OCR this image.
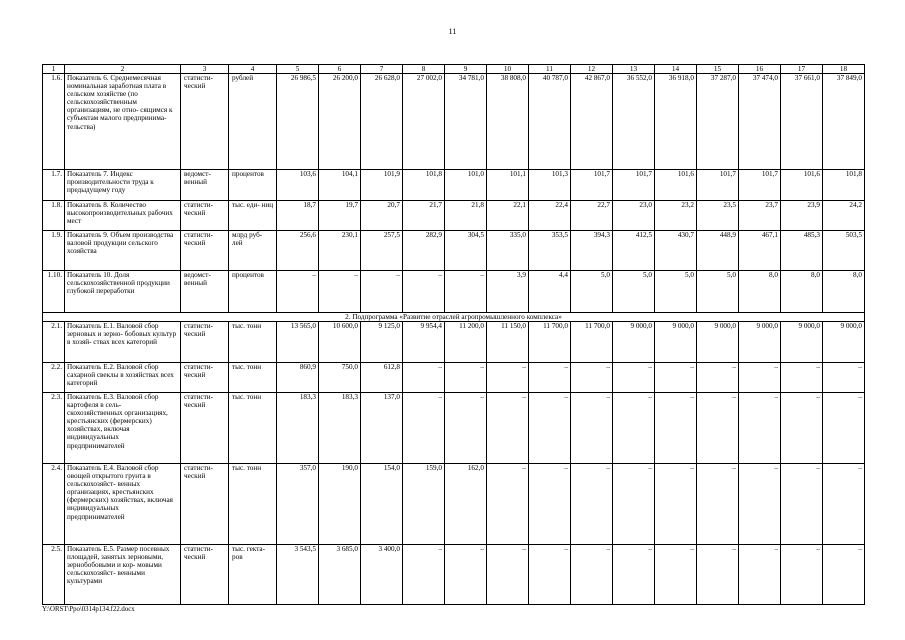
11
1	2	3	4	5	6	7	8	9	10	11	12	13	14	15	16	17	18
1.6.	Показатель 6. Среднемесячная номинальная заработная плата в сельском хозяйстве (по сельскохозяйственным организациям, не отно- сящимся к субъектам малого предпринима- тельства)	статисти- ческий	рублей	26 986,5	26 200,0	26 628,0	27 002,0	34 781,0	38 808,0	40 787,0	42 867,0	36 552,0	36 918,0	37 287,0	37 474,0	37 661,0	37 849,0
1.7.	Показатель 7. Индекс производительности труда к предыдущему году	ведомст- венный	процентов	103,6	104,1	101,9	101,8	101,0	101,1	101,3	101,7	101,7	101,6	101,7	101,7	101,6	101,8
1.8.	Показатель 8. Количество высокопроизводительных рабочих мест	статисти- ческий	тыс. еди- ниц	18,7	19,7	20,7	21,7	21,8	22,1	22,4	22,7	23,0	23,2	23,5	23,7	23,9	24,2
1.9.	Показатель 9. Объем производства валовой продукции сельского хозяйства	статисти- ческий	млрд руб- лей	256,6	230,1	257,5	282,9	304,5	335,0	353,5	394,3	412,5	430,7	448,9	467,1	485,3	503,5
1.10.	Показатель 10. Доля сельскохозяйственной продукции глубокой переработки	ведомст- венный	процентов	–	–	–	–	–	3,9	4,4	5,0	5,0	5,0	5,0	8,0	8,0	8,0
2. Подпрограмма «Развитие отраслей агропромышленного комплекса»																	
2.1.	Показатель Е.1. Валовой сбор зерновых и зерно- бобовых культур в хозяй- ствах всех категорий	статисти- ческий	тыс. тонн	13 565,0	10 600,0	9 125,0	9 954,4	11 200,0	11 150,0	11 700,0	11 700,0	9 000,0	9 000,0	9 000,0	9 000,0	9 000,0	9 000,0
2.2.	Показатель Е.2. Валовой сбор сахарной свеклы в хозяйствах всех категорий	статисти- ческий	тыс. тонн	860,9	750,0	612,8	–	–	–	–	–	–	–	–	–	–	–
2.3.	Показатель Е.3. Валовой сбор картофеля в сель- скохозяйственных организациях, крестьянских (фермерских) хозяйствах, включая индивидуальных предпринимателей	статисти- ческий	тыс. тонн	183,3	183,3	137,0	–	–	–	–	–	–	–	–	–	–	–
2.4.	Показатель Е.4. Валовой сбор овощей открытого грунта в сельскохозяйст- венных организациях, крестьянских (фермерских) хозяйствах, включая индивидуальных предпринимателей	статисти- ческий	тыс. тонн	357,0	190,0	154,0	159,0	162,0	–	–	–	–	–	–	–	–	–
2.5.	Показатель Е.5. Размер посевных площадей, занятых зерновыми, зернобобовыми и кор- мовыми сельскохозяйст- венными культурами	статисти- ческий	тыс. гекта- ров	3 543,5	3 685,0	3 400,0	–	–	–	–	–	–	–	–	–	–	–
Y:\ORST\Ppo\0314p134.f22.docx
